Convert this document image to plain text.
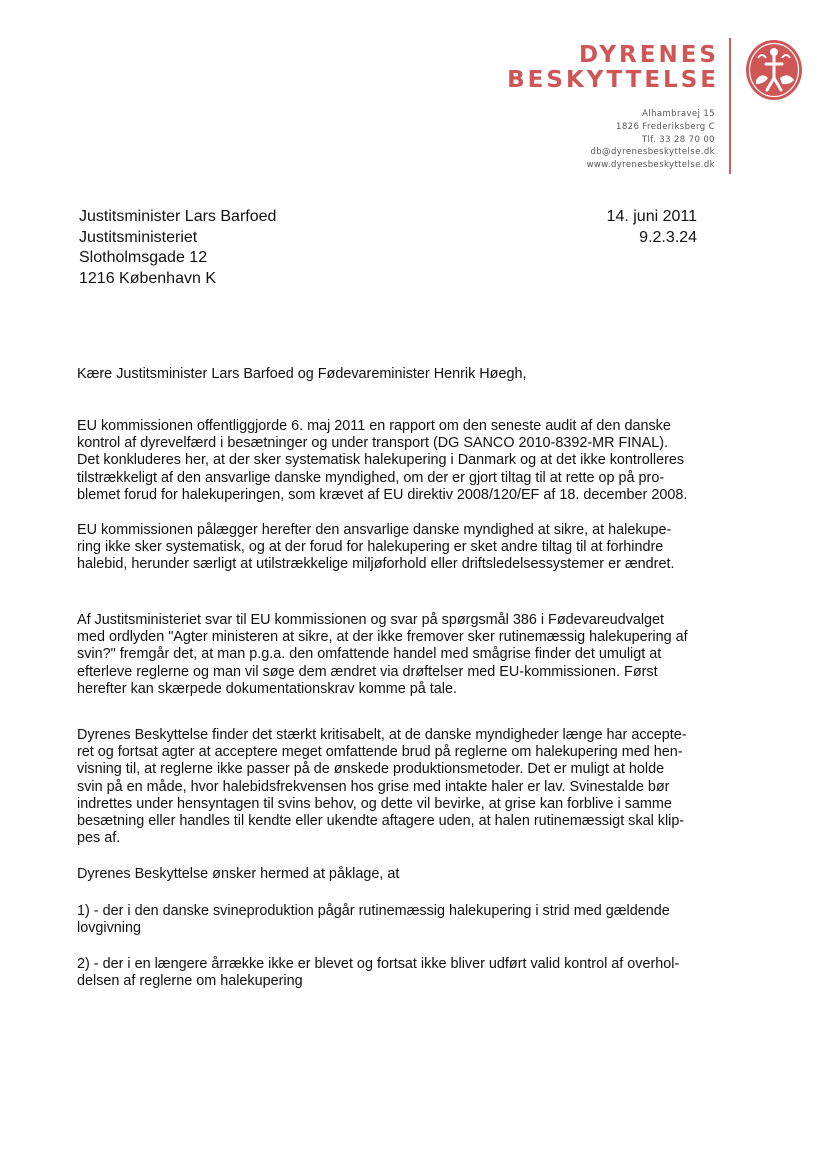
DYRENES
BESKYTTELSE
Alhambravej 15
1826 Frederiksberg C
Tlf. 33 28 70 00
db@dyrenesbeskyttelse.dk
www.dyrenesbeskyttelse.dk
Justitsminister Lars Barfoed
Justitsministeriet
Slotholmsgade 12
1216 København K
14. juni 2011
9.2.3.24
Kære Justitsminister Lars Barfoed og Fødevareminister Henrik Høegh,
EU kommissionen offentliggjorde 6. maj 2011 en rapport om den seneste audit af den danske
kontrol af dyrevelfærd i besætninger og under transport (DG SANCO 2010-8392-MR FINAL).
Det konkluderes her, at der sker systematisk halekupering i Danmark og at det ikke kontrolleres
tilstrækkeligt af den ansvarlige danske myndighed, om der er gjort tiltag til at rette op på pro-
blemet forud for halekuperingen, som krævet af EU direktiv 2008/120/EF af 18. december 2008.
EU kommissionen pålægger herefter den ansvarlige danske myndighed at sikre, at halekupe-
ring ikke sker systematisk, og at der forud for halekupering er sket andre tiltag til at forhindre
halebid, herunder særligt at utilstrækkelige miljøforhold eller driftsledelsessystemer er ændret.
Af Justitsministeriet svar til EU kommissionen og svar på spørgsmål 386 i Fødevareudvalget
med ordlyden "Agter ministeren at sikre, at der ikke fremover sker rutinemæssig halekupering af
svin?" fremgår det, at man p.g.a. den omfattende handel med smågrise finder det umuligt at
efterleve reglerne og man vil søge dem ændret via drøftelser med EU-kommissionen. Først
herefter kan skærpede dokumentationskrav komme på tale.
Dyrenes Beskyttelse finder det stærkt kritisabelt, at de danske myndigheder længe har accepte-
ret og fortsat agter at acceptere meget omfattende brud på reglerne om halekupering med hen-
visning til, at reglerne ikke passer på de ønskede produktionsmetoder. Det er muligt at holde
svin på en måde, hvor halebidsfrekvensen hos grise med intakte haler er lav. Svinestalde bør
indrettes under hensyntagen til svins behov, og dette vil bevirke, at grise kan forblive i samme
besætning eller handles til kendte eller ukendte aftagere uden, at halen rutinemæssigt skal klip-
pes af.
Dyrenes Beskyttelse ønsker hermed at påklage, at
1) - der i den danske svineproduktion pågår rutinemæssig halekupering i strid med gældende
lovgivning
2) - der i en længere årrække ikke er blevet og fortsat ikke bliver udført valid kontrol af overhol-
delsen af reglerne om halekupering
